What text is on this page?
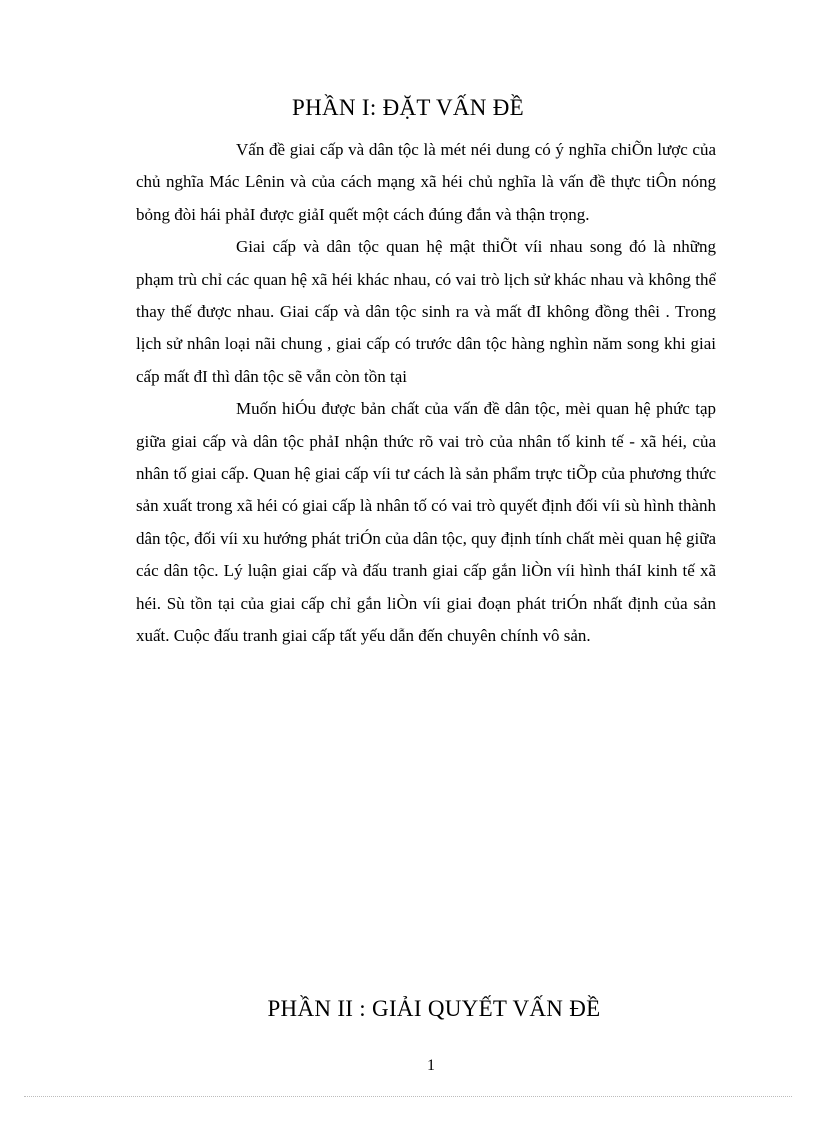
PHẦN I: ĐẶT VẤN ĐỀ

Vấn đề giai cấp và dân tộc là mét néi dung có ý nghĩa chiÕn lược của chủ nghĩa Mác Lênin và của cách mạng xã héi chủ nghĩa là vấn đề thực tiÔn nóng bỏng đòi hái phảI được giảI quết một cách đúng đắn và thận trọng.

Giai cấp và dân tộc quan hệ mật thiÕt víi nhau song đó là những phạm trù chỉ các quan hệ xã héi khác nhau, có vai trò lịch sử khác nhau và không thể thay thế được nhau. Giai cấp và dân tộc sinh ra và mất đI không đồng thêi . Trong lịch sử nhân loại nãi chung , giai cấp có trước dân tộc hàng nghìn năm song khi giai cấp mất đI thì dân tộc sẽ vẫn còn tồn tại

Muốn hiÓu được bản chất của vấn đề dân tộc, mèi quan hệ phức tạp giữa giai cấp và dân tộc phảI nhận thức rõ vai trò của nhân tố kinh tế - xã héi, của nhân tố giai cấp. Quan hệ giai cấp víi tư cách là sản phẩm trực tiÕp của phương thức sản xuất trong xã héi có giai cấp là nhân tố có vai trò quyết định đối víi sù hình thành dân tộc, đối víi xu hướng phát triÓn của dân tộc, quy định tính chất mèi quan hệ giữa các dân tộc. Lý luận giai cấp và đấu tranh giai cấp gắn liÒn víi hình tháI kinh tế xã héi. Sù tồn tại của giai cấp chỉ gắn liÒn víi giai đoạn phát triÓn nhất định của sản xuất. Cuộc đấu tranh giai cấp tất yếu dẫn đến chuyên chính vô sản.

PHẦN II : GIẢI QUYẾT VẤN ĐỀ
1
